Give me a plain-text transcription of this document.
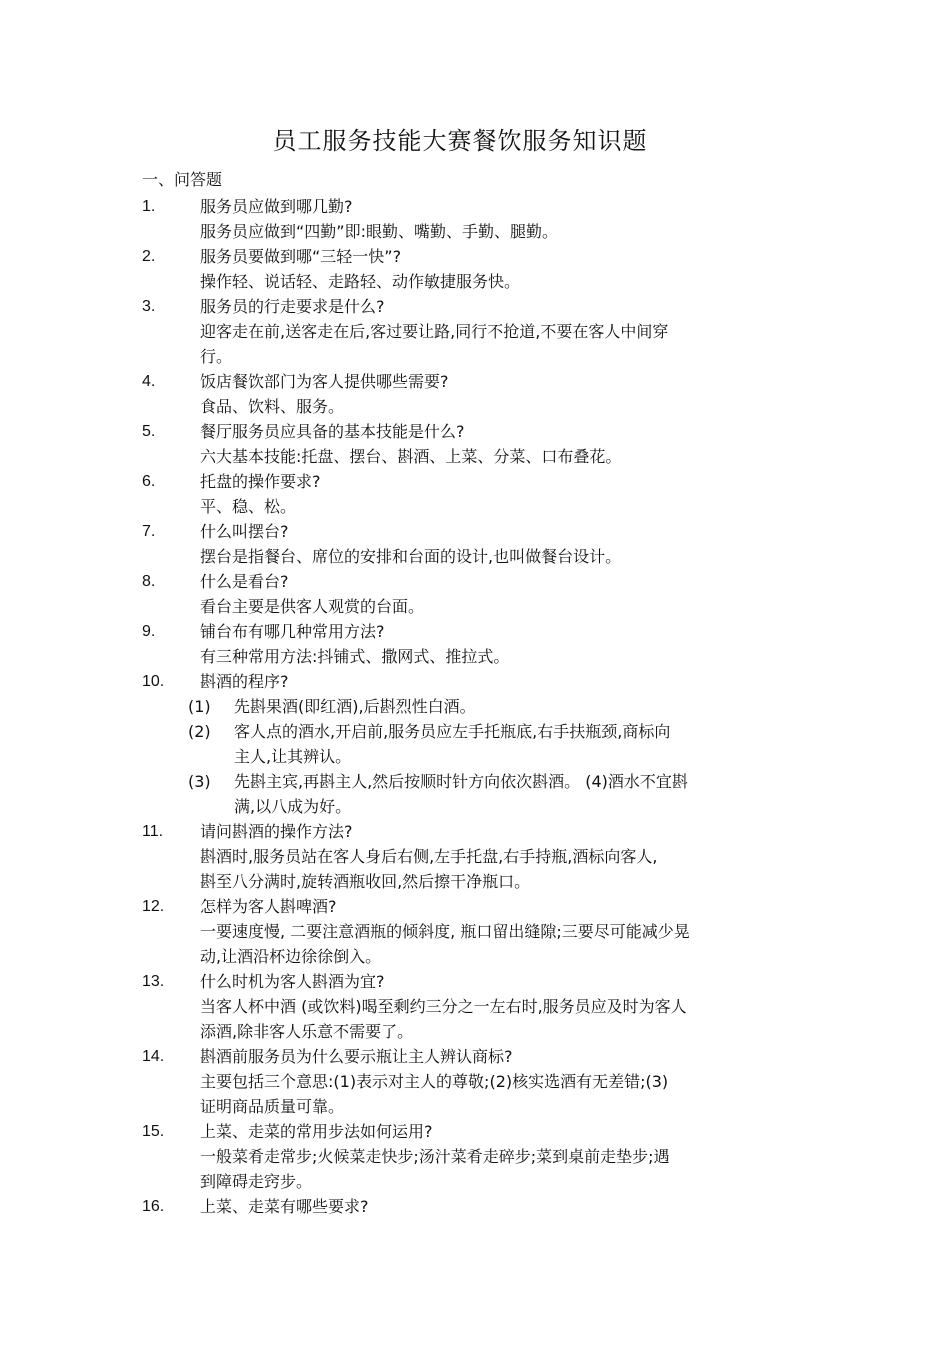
员工服务技能大赛餐饮服务知识题
一、问答题
1.	服务员应做到哪几勤?
服务员应做到“四勤”即:眼勤、嘴勤、手勤、腿勤。
2.	服务员要做到哪“三轻一快”?
操作轻、说话轻、走路轻、动作敏捷服务快。
3.	服务员的行走要求是什么?
迎客走在前,送客走在后,客过要让路,同行不抢道,不要在客人中间穿
行。
4.	饭店餐饮部门为客人提供哪些需要?
食品、饮料、服务。
5.	餐厅服务员应具备的基本技能是什么?
六大基本技能:托盘、摆台、斟酒、上菜、分菜、口布叠花。
6.	托盘的操作要求?
平、稳、松。
7.	什么叫摆台?
摆台是指餐台、席位的安排和台面的设计,也叫做餐台设计。
8.	什么是看台?
看台主要是供客人观赏的台面。
9.	铺台布有哪几种常用方法?
有三种常用方法:抖铺式、撒网式、推拉式。
10. 斟酒的程序?
(1) 先斟果酒(即红酒),后斟烈性白酒。
(2) 客人点的酒水,开启前,服务员应左手托瓶底,右手扶瓶颈,商标向
主人,让其辨认。
(3) 先斟主宾,再斟主人,然后按顺时针方向依次斟酒。 (4)酒水不宜斟
满,以八成为好。
11. 请问斟酒的操作方法?
斟酒时,服务员站在客人身后右侧,左手托盘,右手持瓶,酒标向客人,
斟至八分满时,旋转酒瓶收回,然后擦干净瓶口。
12. 怎样为客人斟啤酒?
一要速度慢, 二要注意酒瓶的倾斜度, 瓶口留出缝隙;三要尽可能减少晃
动,让酒沿杯边徐徐倒入。
13. 什么时机为客人斟酒为宜?
当客人杯中酒 (或饮料)喝至剩约三分之一左右时,服务员应及时为客人
添酒,除非客人乐意不需要了。
14. 斟酒前服务员为什么要示瓶让主人辨认商标?
主要包括三个意思:(1)表示对主人的尊敬;(2)核实选酒有无差错;(3)
证明商品质量可靠。
15. 上菜、走菜的常用步法如何运用?
一般菜肴走常步;火候菜走快步;汤汁菜肴走碎步;菜到桌前走垫步;遇
到障碍走窍步。
16. 上菜、走菜有哪些要求?
